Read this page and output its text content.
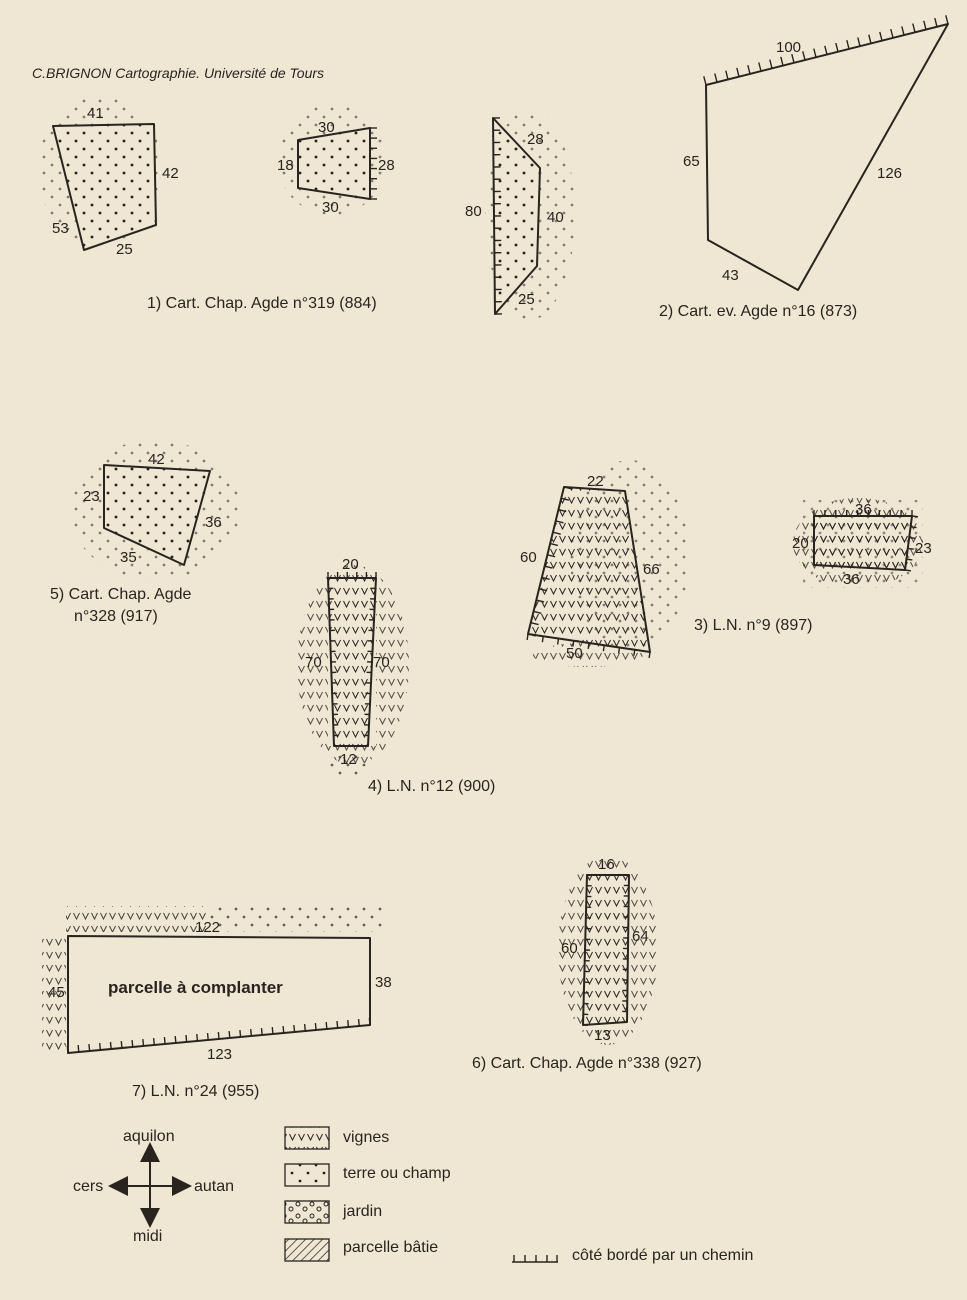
C.BRIGNON Cartographie. Université de Tours
41
42
25
53
30
28
30
18
28
40
25
80
1) Cart. Chap. Agde n°319 (884)
100
126
43
65
2) Cart. ev. Agde n°16 (873)
42
36
35
23
5) Cart. Chap. Agde
n°328 (917)
20
70
12
70
4) L.N. n°12 (900)
22
66
50
60
36
23
36
20
3) L.N. n°9 (897)
16
64
13
60
6) Cart. Chap. Agde n°338 (927)
122
38
123
45	parcelle à complanter
7) L.N. n°24 (955)
aquilon
cers	autan
midi
vignes
terre ou champ
jardin
parcelle bâtie	côté bordé par un chemin
